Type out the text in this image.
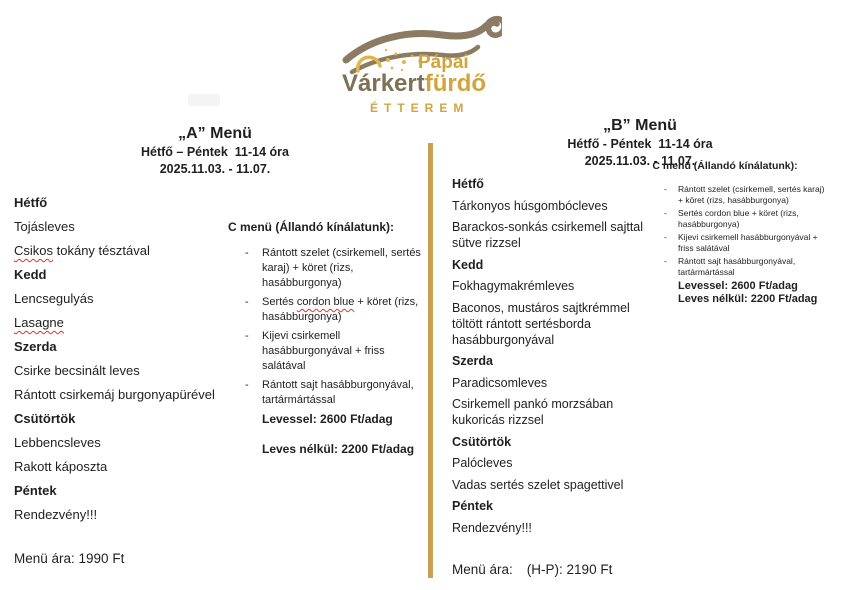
Pápai
Várkertfürdő
ÉTTEREM
„A” Menü
Hétfő – Péntek  11-14 óra
2025.11.03. - 11.07.
Hétfő
Tojásleves
Csikos tokány tésztával
Kedd
Lencsegulyás
Lasagne
Szerda
Csirke becsinált leves
Rántott csirkemáj burgonyapürével
Csütörtök
Lebbencsleves
Rakott káposzta
Péntek
Rendezvény!!!
C menü (Állandó kínálatunk):
-	Rántott szelet (csirkemell, sertés karaj) + köret (rizs, hasábburgonya)
-	Sertés cordon blue + köret (rizs, hasábburgonya)
-	Kijevi csirkemell hasábburgonyával + friss salátával
-	Rántott sajt hasábburgonyával, tartármártással
Levessel: 2600 Ft/adag
Leves nélkül: 2200 Ft/adag
Menü ára: 1990 Ft
„B” Menü
Hétfő - Péntek  11-14 óra
2025.11.03. - 11.07.
C menü (Állandó kínálatunk):
Hétfő
Tárkonyos húsgombócleves
Barackos-sonkás csirkemell sajttal sütve rizzsel
Kedd
Fokhagymakrémleves
Baconos, mustáros sajtkrémmel töltött rántott sertésborda hasábburgonyával
Szerda
Paradicsomleves
Csirkemell pankó morzsában kukoricás rizzsel
Csütörtök
Palócleves
Vadas sertés szelet spagettivel
Péntek
Rendezvény!!!
-	Rántott szelet (csirkemell, sertés karaj) + köret (rizs, hasábburgonya)
-	Sertés cordon blue + köret (rizs, hasábburgonya)
-	Kijevi csirkemell hasábburgonyával + friss salátával
-	Rántott sajt hasábburgonyával, tartármártással
Levessel: 2600 Ft/adag
Leves nélkül: 2200 Ft/adag
Menü ára: (H-P): 2190 Ft
